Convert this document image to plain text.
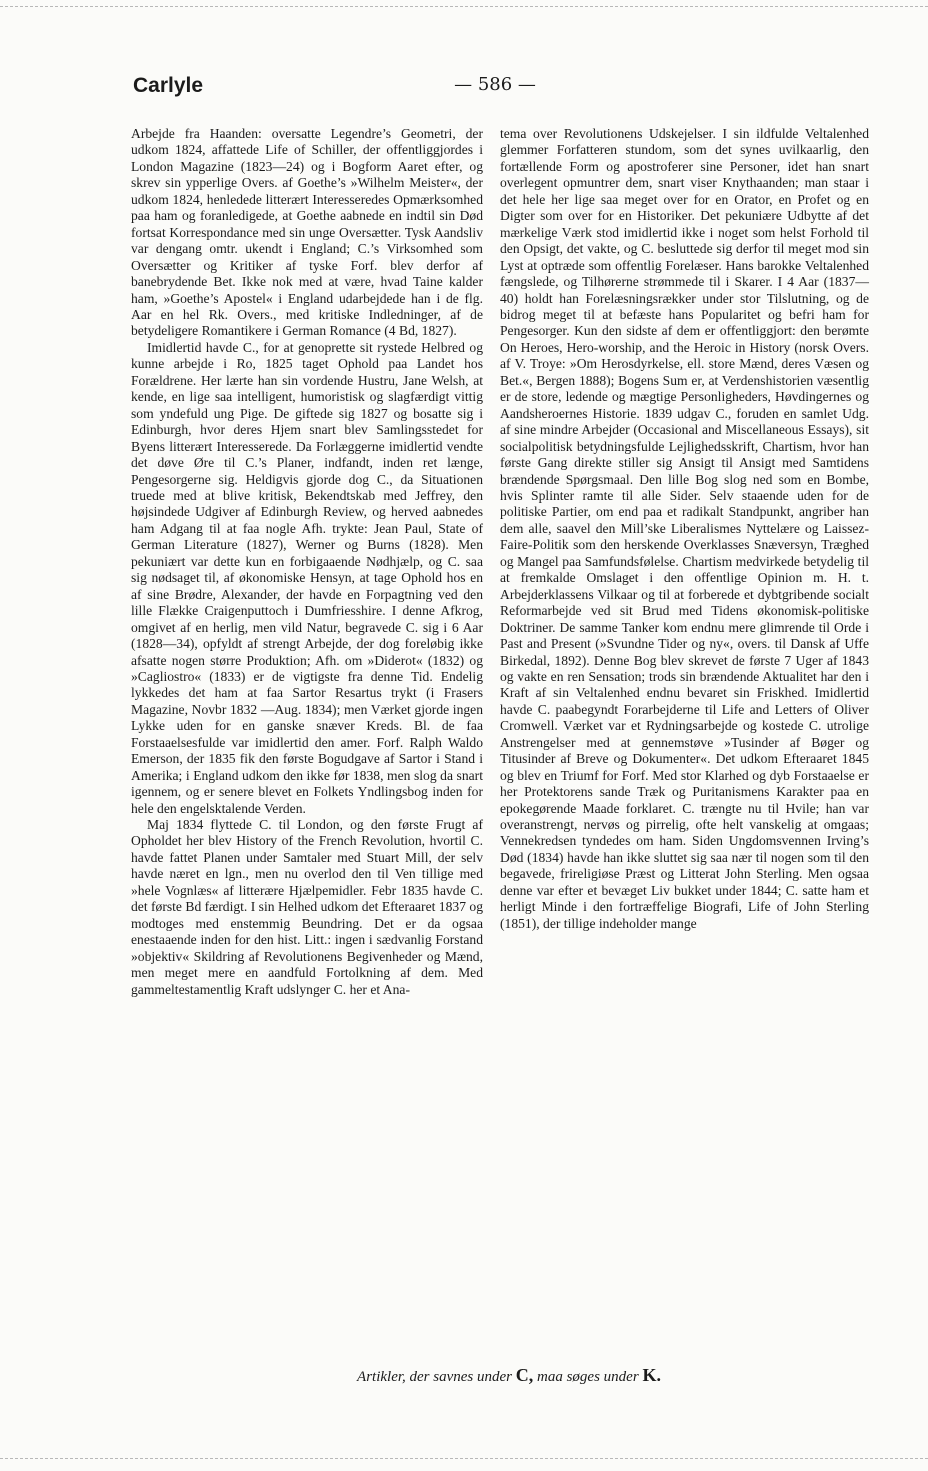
Carlyle	— 586 —

Arbejde fra Haanden: oversatte Legendre’s Geometri, der udkom 1824, affattede Life of Schiller, der offentliggjordes i London Magazine (1823—24) og i Bogform Aaret efter, og skrev sin ypperlige Overs. af Goethe’s »Wilhelm Meister«, der udkom 1824, henledede litterært Interesseredes Opmærksomhed paa ham og foranledigede, at Goethe aabnede en indtil sin Død fortsat Korrespondance med sin unge Oversætter. Tysk Aandsliv var dengang omtr. ukendt i England; C.’s Virksomhed som Oversætter og Kritiker af tyske Forf. blev derfor af banebrydende Bet. Ikke nok med at være, hvad Taine kalder ham, »Goethe’s Apostel« i England udarbejdede han i de flg. Aar en hel Rk. Overs., med kritiske Indledninger, af de betydeligere Romantikere i German Romance (4 Bd, 1827).

Imidlertid havde C., for at genoprette sit rystede Helbred og kunne arbejde i Ro, 1825 taget Ophold paa Landet hos Forældrene. Her lærte han sin vordende Hustru, Jane Welsh, at kende, en lige saa intelligent, humoristisk og slagfærdigt vittig som yndefuld ung Pige. De giftede sig 1827 og bosatte sig i Edinburgh, hvor deres Hjem snart blev Samlingsstedet for Byens litterært Interesserede. Da Forlæggerne imidlertid vendte det døve Øre til C.’s Planer, indfandt, inden ret længe, Pengesorgerne sig. Heldigvis gjorde dog C., da Situationen truede med at blive kritisk, Bekendtskab med Jeffrey, den højsindede Udgiver af Edinburgh Review, og herved aabnedes ham Adgang til at faa nogle Afh. trykte: Jean Paul, State of German Literature (1827), Werner og Burns (1828). Men pekuniært var dette kun en forbigaaende Nødhjælp, og C. saa sig nødsaget til, af økonomiske Hensyn, at tage Ophold hos en af sine Brødre, Alexander, der havde en Forpagtning ved den lille Flække Craigenputtoch i Dumfriesshire. I denne Afkrog, omgivet af en herlig, men vild Natur, begravede C. sig i 6 Aar (1828—34), opfyldt af strengt Arbejde, der dog foreløbig ikke afsatte nogen større Produktion; Afh. om »Diderot« (1832) og »Cagliostro« (1833) er de vigtigste fra denne Tid. Endelig lykkedes det ham at faa Sartor Resartus trykt (i Frasers Magazine, Novbr 1832 —Aug. 1834); men Værket gjorde ingen Lykke uden for en ganske snæver Kreds. Bl. de faa Forstaaelsesfulde var imidlertid den amer. Forf. Ralph Waldo Emerson, der 1835 fik den første Bogudgave af Sartor i Stand i Amerika; i England udkom den ikke før 1838, men slog da snart igennem, og er senere blevet en Folkets Yndlingsbog inden for hele den engelsktalende Verden.

Maj 1834 flyttede C. til London, og den første Frugt af Opholdet her blev History of the French Revolution, hvortil C. havde fattet Planen under Samtaler med Stuart Mill, der selv havde næret en lgn., men nu overlod den til Ven tillige med »hele Vognlæs« af litterære Hjælpemidler. Febr 1835 havde C. det første Bd færdigt. I sin Helhed udkom det Efteraaret 1837 og modtoges med enstemmig Beundring. Det er da ogsaa enestaaende inden for den hist. Litt.: ingen i sædvanlig Forstand »objektiv« Skildring af Revolutionens Begivenheder og Mænd, men meget mere en aandfuld Fortolkning af dem. Med gammeltestamentlig Kraft udslynger C. her et Ana-

tema over Revolutionens Udskejelser. I sin ildfulde Veltalenhed glemmer Forfatteren stundom, som det synes uvilkaarlig, den fortællende Form og apostroferer sine Personer, idet han snart overlegent opmuntrer dem, snart viser Knythaanden; man staar i det hele her lige saa meget over for en Orator, en Profet og en Digter som over for en Historiker. Det pekuniære Udbytte af det mærkelige Værk stod imidlertid ikke i noget som helst Forhold til den Opsigt, det vakte, og C. besluttede sig derfor til meget mod sin Lyst at optræde som offentlig Forelæser. Hans barokke Veltalenhed fængslede, og Tilhørerne strømmede til i Skarer. I 4 Aar (1837—40) holdt han Forelæsningsrækker under stor Tilslutning, og de bidrog meget til at befæste hans Popularitet og befri ham for Pengesorger. Kun den sidste af dem er offentliggjort: den berømte On Heroes, Hero-worship, and the Heroic in History (norsk Overs. af V. Troye: »Om Herosdyrkelse, ell. store Mænd, deres Væsen og Bet.«, Bergen 1888); Bogens Sum er, at Verdenshistorien væsentlig er de store, ledende og mægtige Personligheders, Høvdingernes og Aandsheroernes Historie. 1839 udgav C., foruden en samlet Udg. af sine mindre Arbejder (Occasional and Miscellaneous Essays), sit socialpolitisk betydningsfulde Lejlighedsskrift, Chartism, hvor han første Gang direkte stiller sig Ansigt til Ansigt med Samtidens brændende Spørgsmaal. Den lille Bog slog ned som en Bombe, hvis Splinter ramte til alle Sider. Selv staaende uden for de politiske Partier, om end paa et radikalt Standpunkt, angriber han dem alle, saavel den Mill’ske Liberalismes Nyttelære og Laissez-Faire-Politik som den herskende Overklasses Snæversyn, Træghed og Mangel paa Samfundsfølelse. Chartism medvirkede betydelig til at fremkalde Omslaget i den offentlige Opinion m. H. t. Arbejderklassens Vilkaar og til at forberede et dybtgribende socialt Reformarbejde ved sit Brud med Tidens økonomisk-politiske Doktriner. De samme Tanker kom endnu mere glimrende til Orde i Past and Present (»Svundne Tider og ny«, overs. til Dansk af Uffe Birkedal, 1892). Denne Bog blev skrevet de første 7 Uger af 1843 og vakte en ren Sensation; trods sin brændende Aktualitet har den i Kraft af sin Veltalenhed endnu bevaret sin Friskhed. Imidlertid havde C. paabegyndt Forarbejderne til Life and Letters of Oliver Cromwell. Værket var et Rydningsarbejde og kostede C. utrolige Anstrengelser med at gennemstøve »Tusinder af Bøger og Titusinder af Breve og Dokumenter«. Det udkom Efteraaret 1845 og blev en Triumf for Forf. Med stor Klarhed og dyb Forstaaelse er her Protektorens sande Træk og Puritanismens Karakter paa en epokegørende Maade forklaret. C. trængte nu til Hvile; han var overanstrengt, nervøs og pirrelig, ofte helt vanskelig at omgaas; Vennekredsen tyndedes om ham. Siden Ungdomsvennen Irving’s Død (1834) havde han ikke sluttet sig saa nær til nogen som til den begavede, frireligiøse Præst og Litterat John Sterling. Men ogsaa denne var efter et bevæget Liv bukket under 1844; C. satte ham et herligt Minde i den fortræffelige Biografi, Life of John Sterling (1851), der tillige indeholder mange

Artikler, der savnes under C, maa søges under K.
